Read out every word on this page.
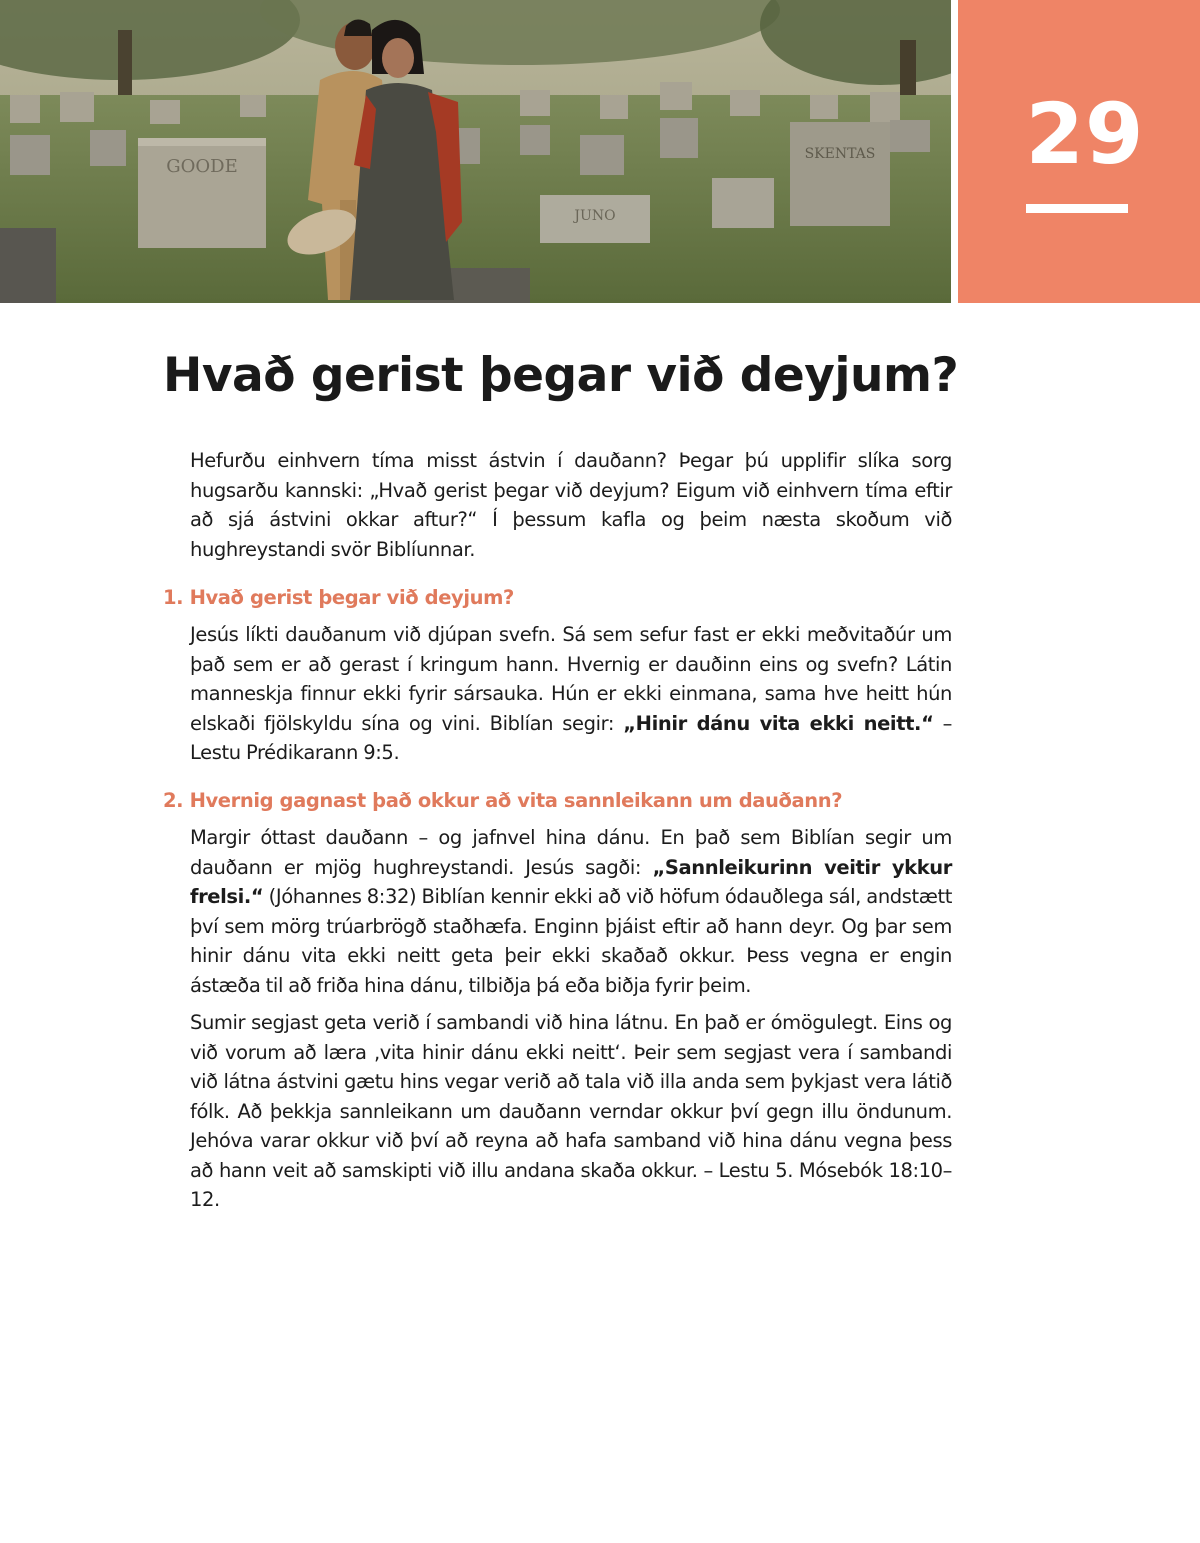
GOODE
JUNO
SKENTAS	29
Hvað gerist þegar við deyjum?

Hefurðu einhvern tíma misst ástvin í dauðann? Þegar þú upplifir slíka sorg hugsarðu kannski: „Hvað gerist þegar við deyjum? Eigum við einhvern tíma eftir að sjá ástvini okkar aftur?“ Í þessum kafla og þeim næsta skoðum við hughreystandi svör Biblíunnar.

1. Hvað gerist þegar við deyjum?

Jesús líkti dauðanum við djúpan svefn. Sá sem sefur fast er ekki meðvitaðúr um það sem er að gerast í kringum hann. Hvernig er dauðinn eins og svefn? Látin manneskja finnur ekki fyrir sársauka. Hún er ekki einmana, sama hve heitt hún elskaði fjölskyldu sína og vini. Biblían segir: „Hinir dánu vita ekki neitt.“ – Lestu Prédikarann 9:5.

2. Hvernig gagnast það okkur að vita sannleikann um dauðann?

Margir óttast dauðann – og jafnvel hina dánu. En það sem Biblían segir um dauðann er mjög hughreystandi. Jesús sagði: „Sannleikurinn veitir ykkur frelsi.“ (Jóhannes 8:32) Biblían kennir ekki að við höfum ódauðlega sál, andstætt því sem mörg trúarbrögð staðhæfa. Enginn þjáist eftir að hann deyr. Og þar sem hinir dánu vita ekki neitt geta þeir ekki skaðað okkur. Þess vegna er engin ástæða til að friða hina dánu, tilbiðja þá eða biðja fyrir þeim.

Sumir segjast geta verið í sambandi við hina látnu. En það er ómögulegt. Eins og við vorum að læra ‚vita hinir dánu ekki neitt‘. Þeir sem segjast vera í sambandi við látna ástvini gætu hins vegar verið að tala við illa anda sem þykjast vera látið fólk. Að þekkja sannleikann um dauðann verndar okkur því gegn illu öndunum. Jehóva varar okkur við því að reyna að hafa samband við hina dánu vegna þess að hann veit að samskipti við illu andana skaða okkur. – Lestu 5. Mósebók 18:10–12.
